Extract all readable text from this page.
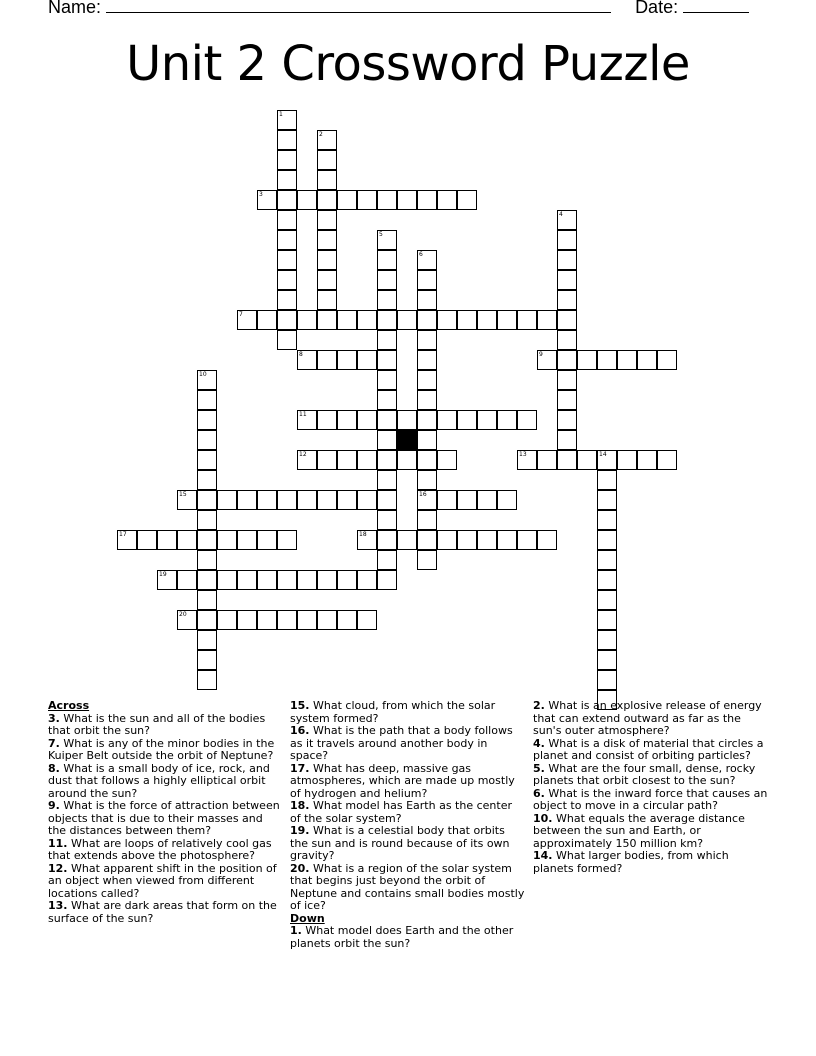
Name:	Date:
Unit 2 Crossword Puzzle
1
2
3
4
5
6
16
7
8	9
10
11
12	13	14
15
17	18
19
20
Across
3. What is the sun and all of the bodies that orbit the sun?
7. What is any of the minor bodies in the Kuiper Belt outside the orbit of Neptune?
8. What is a small body of ice, rock, and dust that follows a highly elliptical orbit around the sun?
9. What is the force of attraction between objects that is due to their masses and the distances between them?
11. What are loops of relatively cool gas that extends above the photosphere?
12. What apparent shift in the position of an object when viewed from different locations called?
13. What are dark areas that form on the surface of the sun?
15. What cloud, from which the solar system formed?
16. What is the path that a body follows as it travels around another body in space?
17. What has deep, massive gas atmospheres, which are made up mostly of hydrogen and helium?
18. What model has Earth as the center of the solar system?
19. What is a celestial body that orbits the sun and is round because of its own gravity?
20. What is a region of the solar system that begins just beyond the orbit of Neptune and contains small bodies mostly of ice?
Down
1. What model does Earth and the other planets orbit the sun?
2. What is an explosive release of energy that can extend outward as far as the sun's outer atmosphere?
4. What is a disk of material that circles a planet and consist of orbiting particles?
5. What are the four small, dense, rocky planets that orbit closest to the sun?
6. What is the inward force that causes an object to move in a circular path?
10. What equals the average distance between the sun and Earth, or approximately 150 million km?
14. What larger bodies, from which planets formed?
